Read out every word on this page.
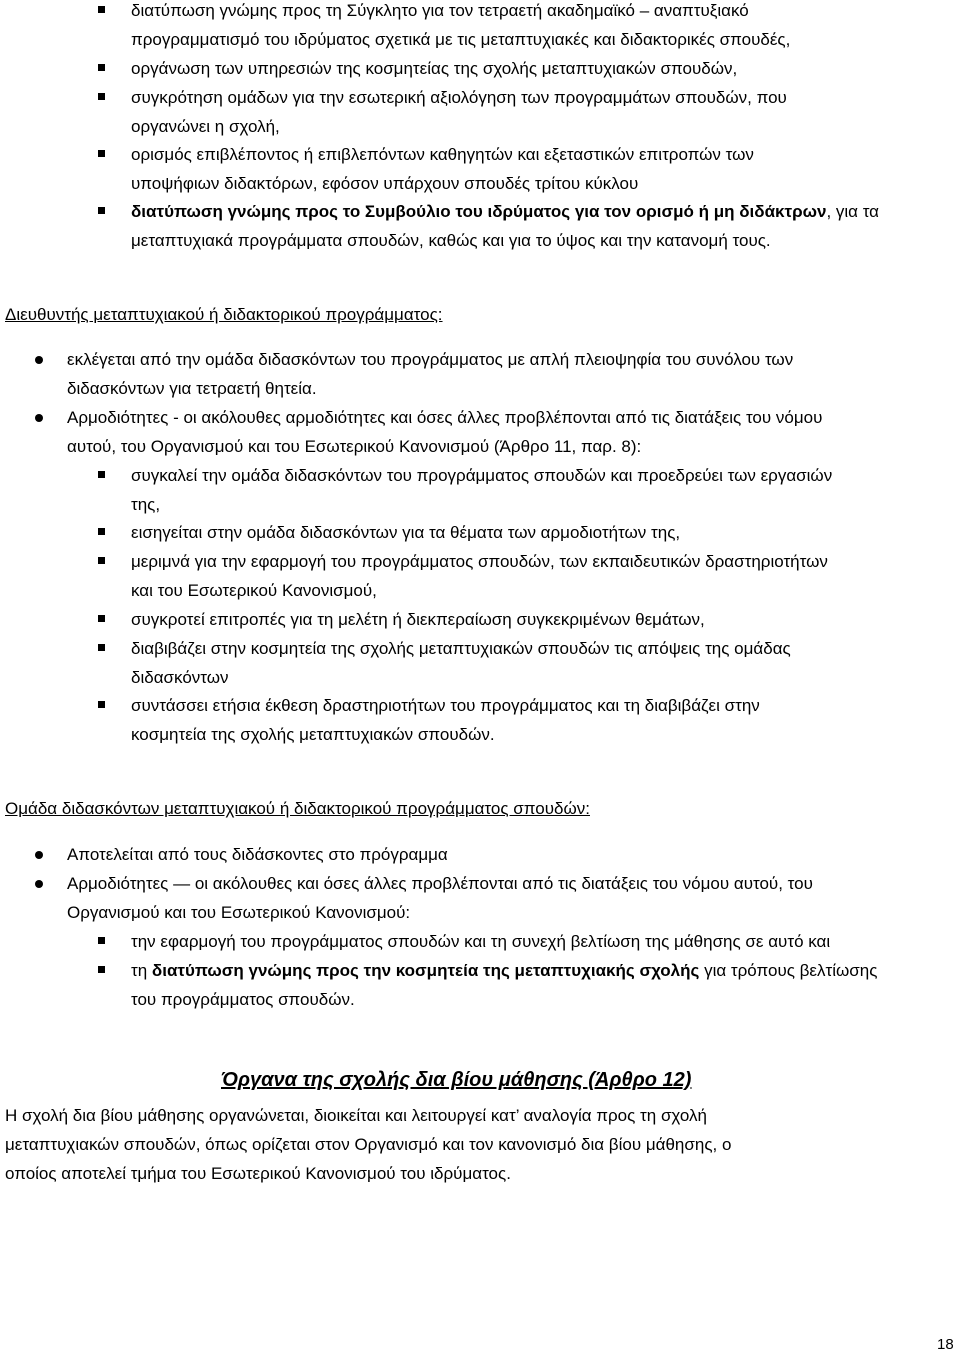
διατύπωση γνώμης προς τη Σύγκλητο για τον τετραετή ακαδημαϊκό – αναπτυξιακό
προγραμματισμό του ιδρύματος σχετικά με τις μεταπτυχιακές και διδακτορικές σπουδές,
οργάνωση των υπηρεσιών της κοσμητείας της σχολής μεταπτυχιακών σπουδών,
συγκρότηση ομάδων για την εσωτερική αξιολόγηση των προγραμμάτων σπουδών, που
οργανώνει η σχολή,
ορισμός επιβλέποντος ή επιβλεπόντων καθηγητών και εξεταστικών επιτροπών των
υποψήφιων διδακτόρων, εφόσον υπάρχουν σπουδές τρίτου κύκλου
διατύπωση γνώμης προς το Συμβούλιο του ιδρύματος για τον ορισμό ή μη διδάκτρων, για τα
μεταπτυχιακά προγράμματα σπουδών, καθώς και για το ύψος και την κατανομή τους.
Διευθυντής μεταπτυχιακού ή διδακτορικού προγράμματος:
εκλέγεται από την ομάδα διδασκόντων του προγράμματος με απλή πλειοψηφία του συνόλου των
διδασκόντων για τετραετή θητεία.
Αρμοδιότητες - οι ακόλουθες αρμοδιότητες και όσες άλλες προβλέπονται από τις διατάξεις του νόμου
αυτού, του Οργανισμού και του Εσωτερικού Κανονισμού (Άρθρο 11, παρ. 8):
συγκαλεί την ομάδα διδασκόντων του προγράμματος σπουδών και προεδρεύει των εργασιών
της,
εισηγείται στην ομάδα διδασκόντων για τα θέματα των αρμοδιοτήτων της,
μεριμνά για την εφαρμογή του προγράμματος σπουδών, των εκπαιδευτικών δραστηριοτήτων
και του Εσωτερικού Κανονισμού,
συγκροτεί επιτροπές για τη μελέτη ή διεκπεραίωση συγκεκριμένων θεμάτων,
διαβιβάζει στην κοσμητεία της σχολής μεταπτυχιακών σπουδών τις απόψεις της ομάδας
διδασκόντων
συντάσσει ετήσια έκθεση δραστηριοτήτων του προγράμματος και τη διαβιβάζει στην
κοσμητεία της σχολής μεταπτυχιακών σπουδών.
Ομάδα διδασκόντων μεταπτυχιακού ή διδακτορικού προγράμματος σπουδών:
Αποτελείται από τους διδάσκοντες στο πρόγραμμα
Αρμοδιότητες — οι ακόλουθες και όσες άλλες προβλέπονται από τις διατάξεις του νόμου αυτού, του
Οργανισμού και του Εσωτερικού Κανονισμού:
την εφαρμογή του προγράμματος σπουδών και τη συνεχή βελτίωση της μάθησης σε αυτό και
τη διατύπωση γνώμης προς την κοσμητεία της μεταπτυχιακής σχολής για τρόπους βελτίωσης
του προγράμματος σπουδών.
Όργανα της σχολής δια βίου μάθησης (Άρθρο 12)
Η σχολή δια βίου μάθησης οργανώνεται, διοικείται και λειτουργεί κατ’ αναλογία προς τη σχολή
μεταπτυχιακών σπουδών, όπως ορίζεται στον Οργανισμό και τον κανονισμό δια βίου μάθησης, ο
οποίος αποτελεί τμήμα του Εσωτερικού Κανονισμού του ιδρύματος.
18
